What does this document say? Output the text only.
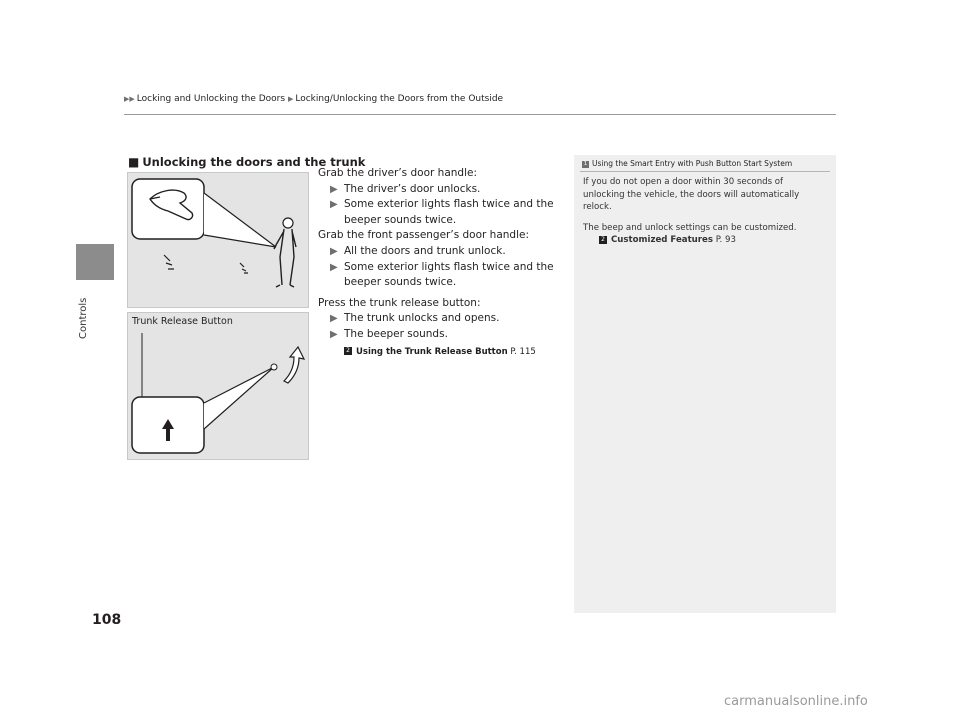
▶▶ Locking and Unlocking the Doors ▶ Locking/Unlocking the Doors from the Outside
Controls
108
■ Unlocking the doors and the trunk
Trunk Release Button

Grab the driver’s door handle:

▶ The driver’s door unlocks.

▶ Some exterior lights flash twice and the beeper sounds twice.

Grab the front passenger’s door handle:

▶ All the doors and trunk unlock.

▶ Some exterior lights flash twice and the beeper sounds twice.

Press the trunk release button:

▶ The trunk unlocks and opens.

▶ The beeper sounds.

2 Using the Trunk Release Button P. 115
1 Using the Smart Entry with Push Button Start System

If you do not open a door within 30 seconds of unlocking the vehicle, the doors will automatically relock.

The beep and unlock settings can be customized.

2 Customized Features P. 93

carmanualsonline.info
